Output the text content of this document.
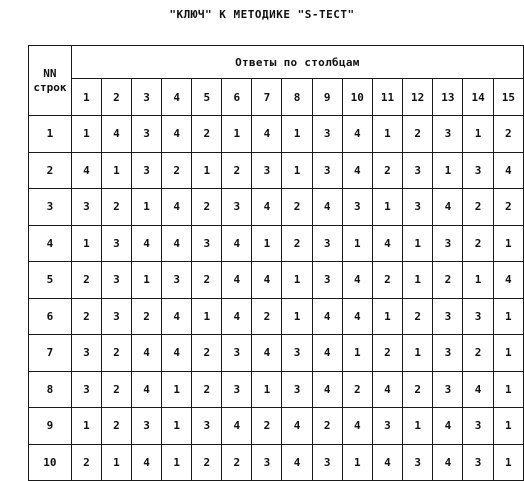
"КЛЮЧ" К МЕТОДИКЕ "S-ТЕСТ"
NN
строк	Ответы по столбцам														
	1	2	3	4	5	6	7	8	9	10	11	12	13	14	15
1	1	4	3	4	2	1	4	1	3	4	1	2	3	1	2
2	4	1	3	2	1	2	3	1	3	4	2	3	1	3	4
3	3	2	1	4	2	3	4	2	4	3	1	3	4	2	2
4	1	3	4	4	3	4	1	2	3	1	4	1	3	2	1
5	2	3	1	3	2	4	4	1	3	4	2	1	2	1	4
6	2	3	2	4	1	4	2	1	4	4	1	2	3	3	1
7	3	2	4	4	2	3	4	3	4	1	2	1	3	2	1
8	3	2	4	1	2	3	1	3	4	2	4	2	3	4	1
9	1	2	3	1	3	4	2	4	2	4	3	1	4	3	1
10	2	1	4	1	2	2	3	4	3	1	4	3	4	3	1
